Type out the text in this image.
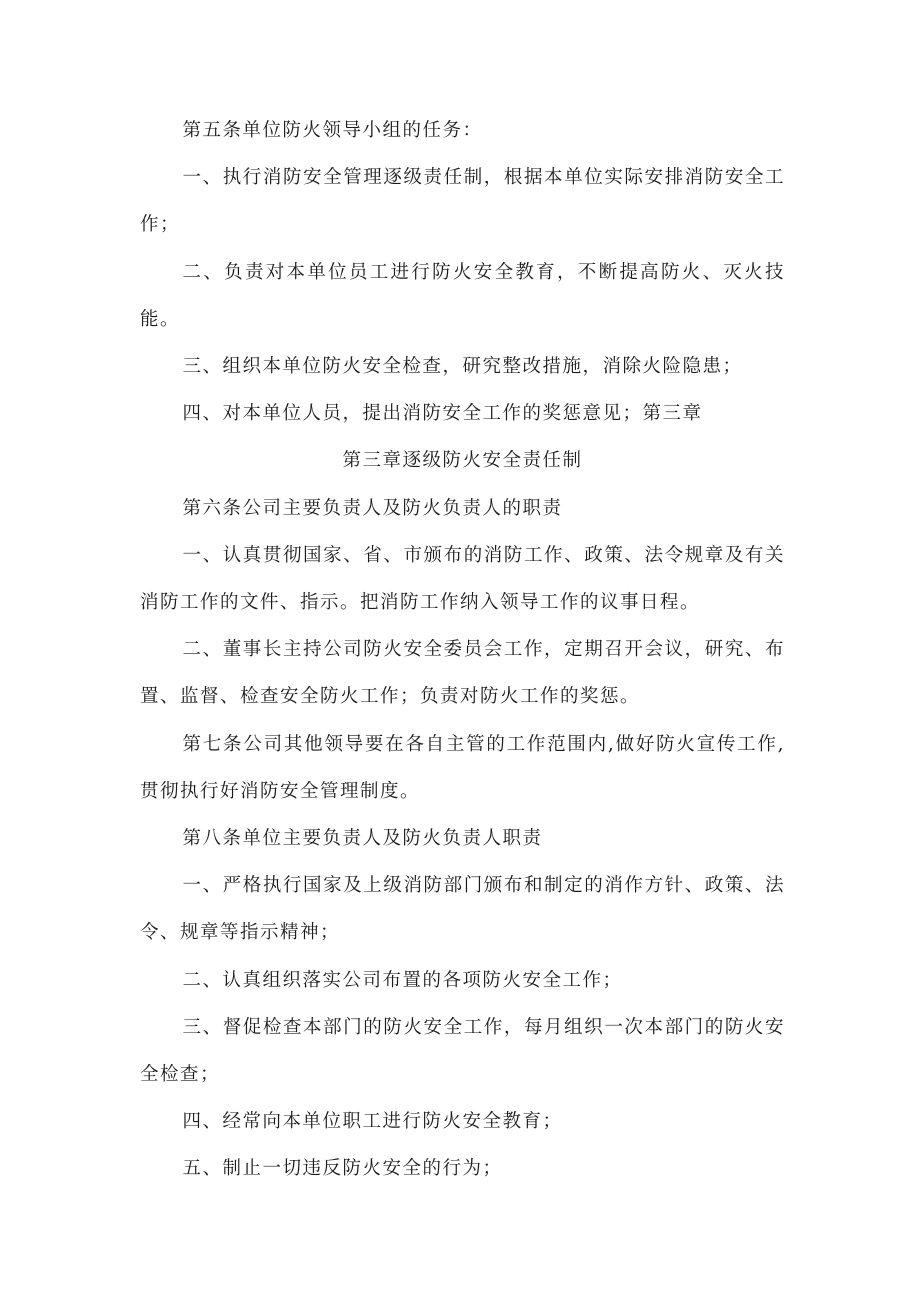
第五条单位防火领导小组的任务：

一、执行消防安全管理逐级责任制，根据本单位实际安排消防安全工作；

二、负责对本单位员工进行防火安全教育，不断提高防火、灭火技能。

三、组织本单位防火安全检查，研究整改措施，消除火险隐患；

四、对本单位人员，提出消防安全工作的奖惩意见；第三章

第三章逐级防火安全责任制

第六条公司主要负责人及防火负责人的职责

一、认真贯彻国家、省、市颁布的消防工作、政策、法令规章及有关消防工作的文件、指示。把消防工作纳入领导工作的议事日程。

二、董事长主持公司防火安全委员会工作，定期召开会议，研究、布置、监督、检查安全防火工作；负责对防火工作的奖惩。

第七条公司其他领导要在各自主管的工作范围内,做好防火宣传工作,贯彻执行好消防安全管理制度。

第八条单位主要负责人及防火负责人职责

一、严格执行国家及上级消防部门颁布和制定的消作方针、政策、法令、规章等指示精神；

二、认真组织落实公司布置的各项防火安全工作；

三、督促检查本部门的防火安全工作，每月组织一次本部门的防火安全检查；

四、经常向本单位职工进行防火安全教育；

五、制止一切违反防火安全的行为；
